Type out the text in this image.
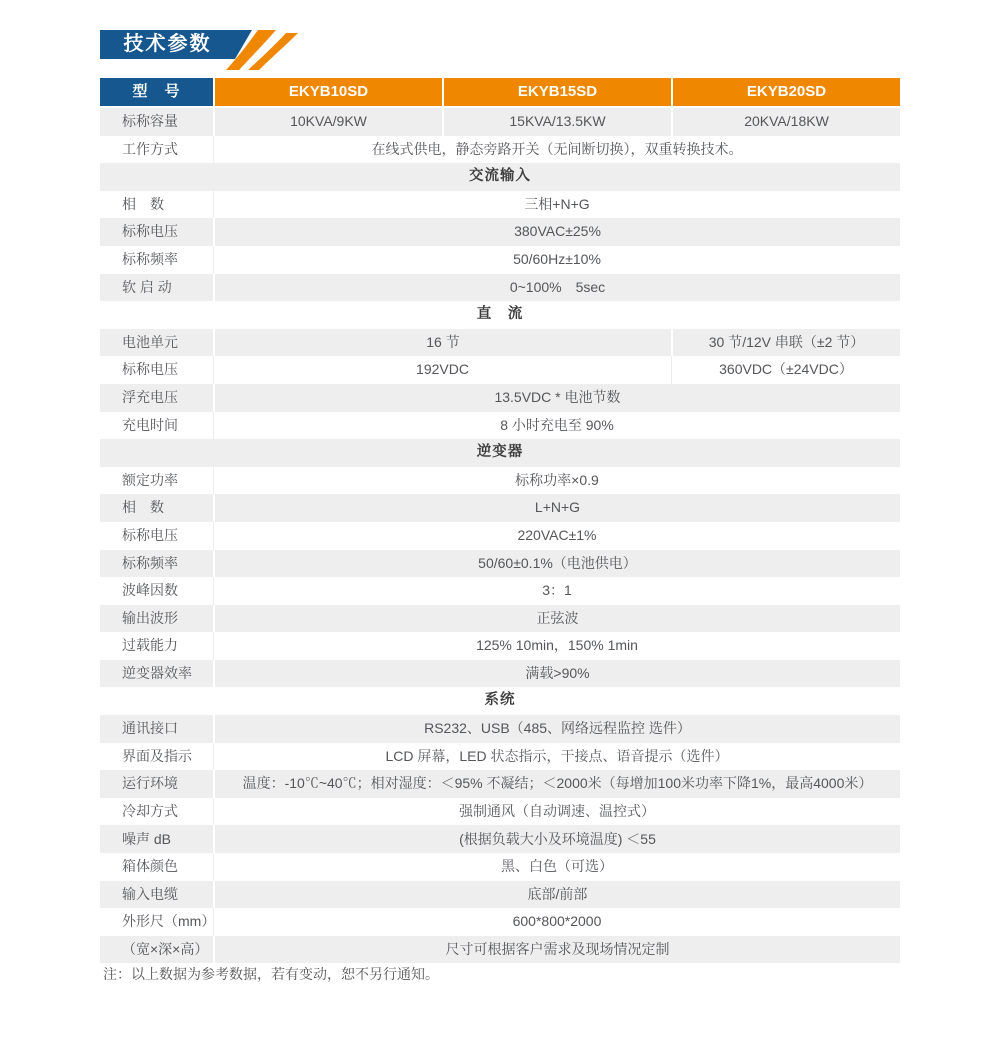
技术参数
型　号	EKYB10SD	EKYB15SD	EKYB20SD
标称容量	10KVA/9KW	15KVA/13.5KW	20KVA/18KW
工作方式	在线式供电，静态旁路开关（无间断切换），双重转换技术。
交流输入
相　数	三相+N+G
标称电压	380VAC±25%
标称频率	50/60Hz±10%
软 启 动	0~100%　5sec
直　流
电池单元	16 节	30 节/12V 串联（±2 节）
标称电压	192VDC	360VDC（±24VDC）
浮充电压	13.5VDC * 电池节数
充电时间	8 小时充电至 90%
逆变器
额定功率	标称功率×0.9
相　数	L+N+G
标称电压	220VAC±1%
标称频率	50/60±0.1%（电池供电）
波峰因数	3：1
输出波形	正弦波
过载能力	125% 10min，150% 1min
逆变器效率	满载>90%
系统
通讯接口	RS232、USB（485、网络远程监控 选件）
界面及指示	LCD 屏幕，LED 状态指示，干接点、语音提示（选件）
运行环境	温度：-10℃~40℃；相对湿度：＜95% 不凝结；＜2000米（每增加100米功率下降1%，最高4000米）
冷却方式	强制通风（自动调速、温控式）
噪声 dB	(根据负载大小及环境温度) ＜55
箱体颜色	黑、白色（可选）
输入电缆	底部/前部
外形尺（mm）	600*800*2000
（宽×深×高）	尺寸可根据客户需求及现场情况定制
注：以上数据为参考数据，若有变动，恕不另行通知。
